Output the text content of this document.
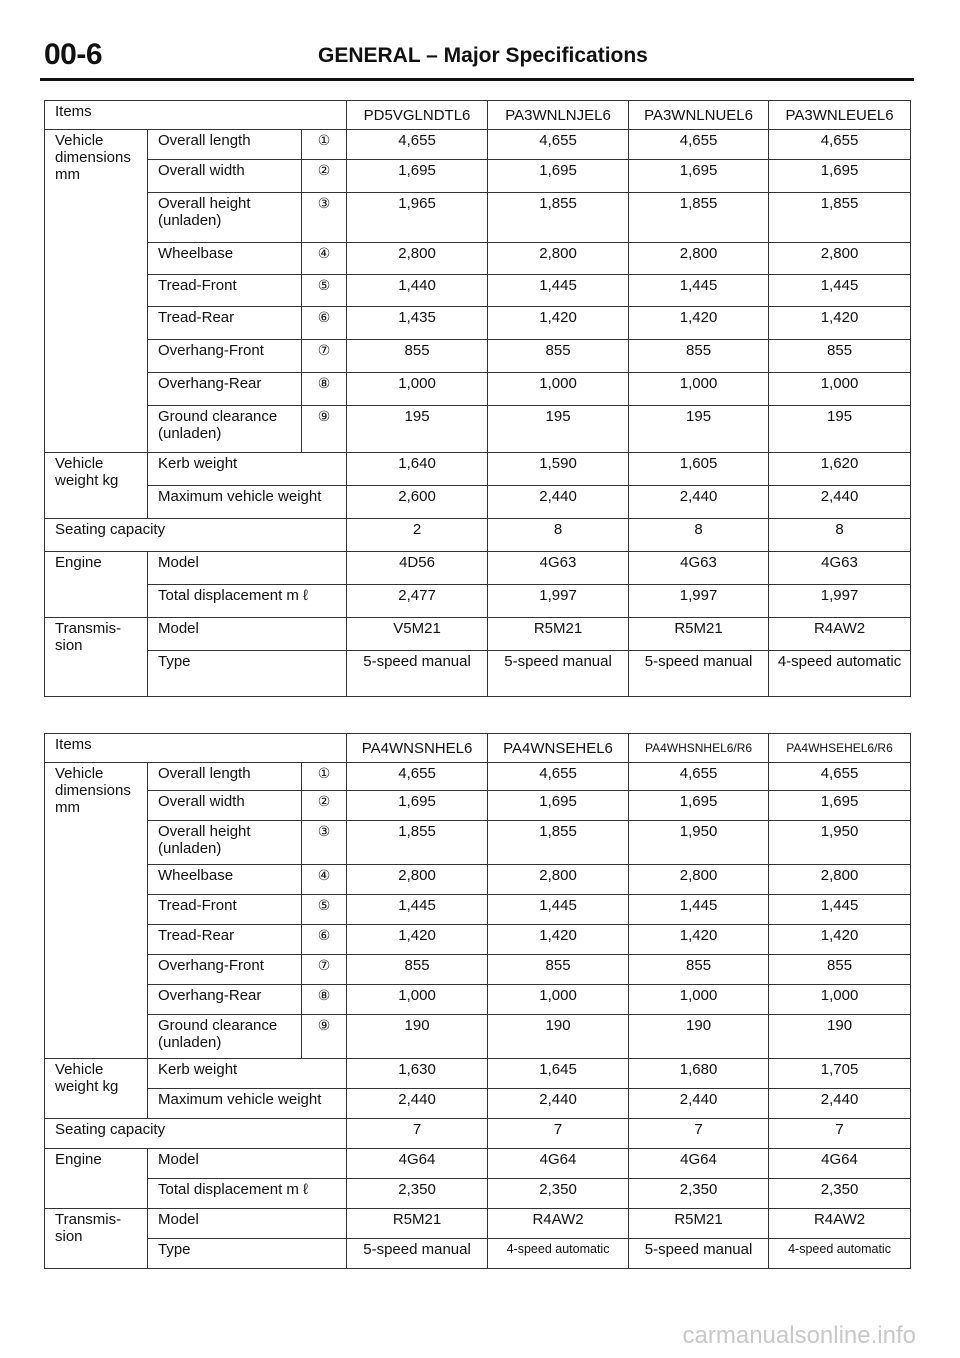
00-6	GENERAL – Major Specifications
Items			PD5VGLNDTL6	PA3WNLNJEL6	PA3WNLNUEL6	PA3WNLEUEL6
Vehicle dimensions mm	Overall length	①	4,655	4,655	4,655	4,655
	Overall width	②	1,695	1,695	1,695	1,695
	Overall height (unladen)	③	1,965	1,855	1,855	1,855
	Wheelbase	④	2,800	2,800	2,800	2,800
	Tread-Front	⑤	1,440	1,445	1,445	1,445
	Tread-Rear	⑥	1,435	1,420	1,420	1,420
	Overhang-Front	⑦	855	855	855	855
	Overhang-Rear	⑧	1,000	1,000	1,000	1,000
	Ground clearance (unladen)	⑨	195	195	195	195
Vehicle weight kg	Kerb weight		1,640	1,590	1,605	1,620
	Maximum vehicle weight		2,600	2,440	2,440	2,440
Seating capacity			2	8	8	8
Engine	Model		4D56	4G63	4G63	4G63
	Total displacement m ℓ		2,477	1,997	1,997	1,997
Transmis- sion	Model		V5M21	R5M21	R5M21	R4AW2
	Type		5-speed manual	5-speed manual	5-speed manual	4-speed automatic
Items			PA4WNSNHEL6	PA4WNSEHEL6	PA4WHSNHEL6/R6	PA4WHSEHEL6/R6
Vehicle dimensions mm	Overall length	①	4,655	4,655	4,655	4,655
	Overall width	②	1,695	1,695	1,695	1,695
	Overall height (unladen)	③	1,855	1,855	1,950	1,950
	Wheelbase	④	2,800	2,800	2,800	2,800
	Tread-Front	⑤	1,445	1,445	1,445	1,445
	Tread-Rear	⑥	1,420	1,420	1,420	1,420
	Overhang-Front	⑦	855	855	855	855
	Overhang-Rear	⑧	1,000	1,000	1,000	1,000
	Ground clearance (unladen)	⑨	190	190	190	190
Vehicle weight kg	Kerb weight		1,630	1,645	1,680	1,705
	Maximum vehicle weight		2,440	2,440	2,440	2,440
Seating capacity			7	7	7	7
Engine	Model		4G64	4G64	4G64	4G64
	Total displacement m ℓ		2,350	2,350	2,350	2,350
Transmis- sion	Model		R5M21	R4AW2	R5M21	R4AW2
	Type		5-speed manual	4-speed automatic	5-speed manual	4-speed automatic
carmanualsonline.info
